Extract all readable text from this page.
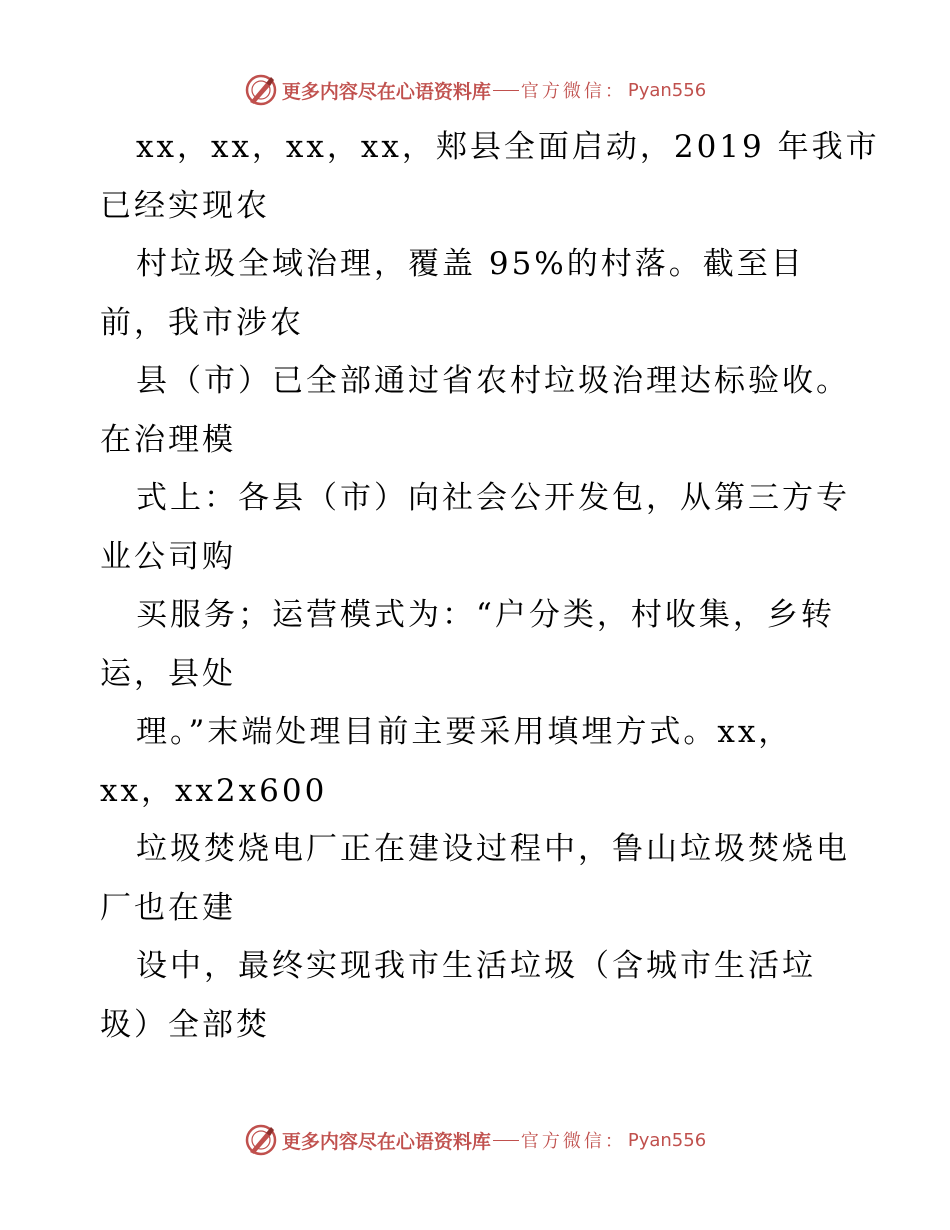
更多内容尽在心语资料库 官方微信： Pyan556
xx，xx，xx，xx，郏县全面启动，2019 年我市
已经实现农
村垃圾全域治理，覆盖 95%的村落。截至目
前，我市涉农
县（市）已全部通过省农村垃圾治理达标验收。
在治理模
式上：各县（市）向社会公开发包，从第三方专
业公司购
买服务；运营模式为：“户分类，村收集，乡转
运，县处
理。”末端处理目前主要采用填埋方式。xx，
xx，xx2x600
垃圾焚烧电厂正在建设过程中，鲁山垃圾焚烧电
厂也在建
设中，最终实现我市生活垃圾（含城市生活垃
圾）全部焚
更多内容尽在心语资料库 官方微信： Pyan556
